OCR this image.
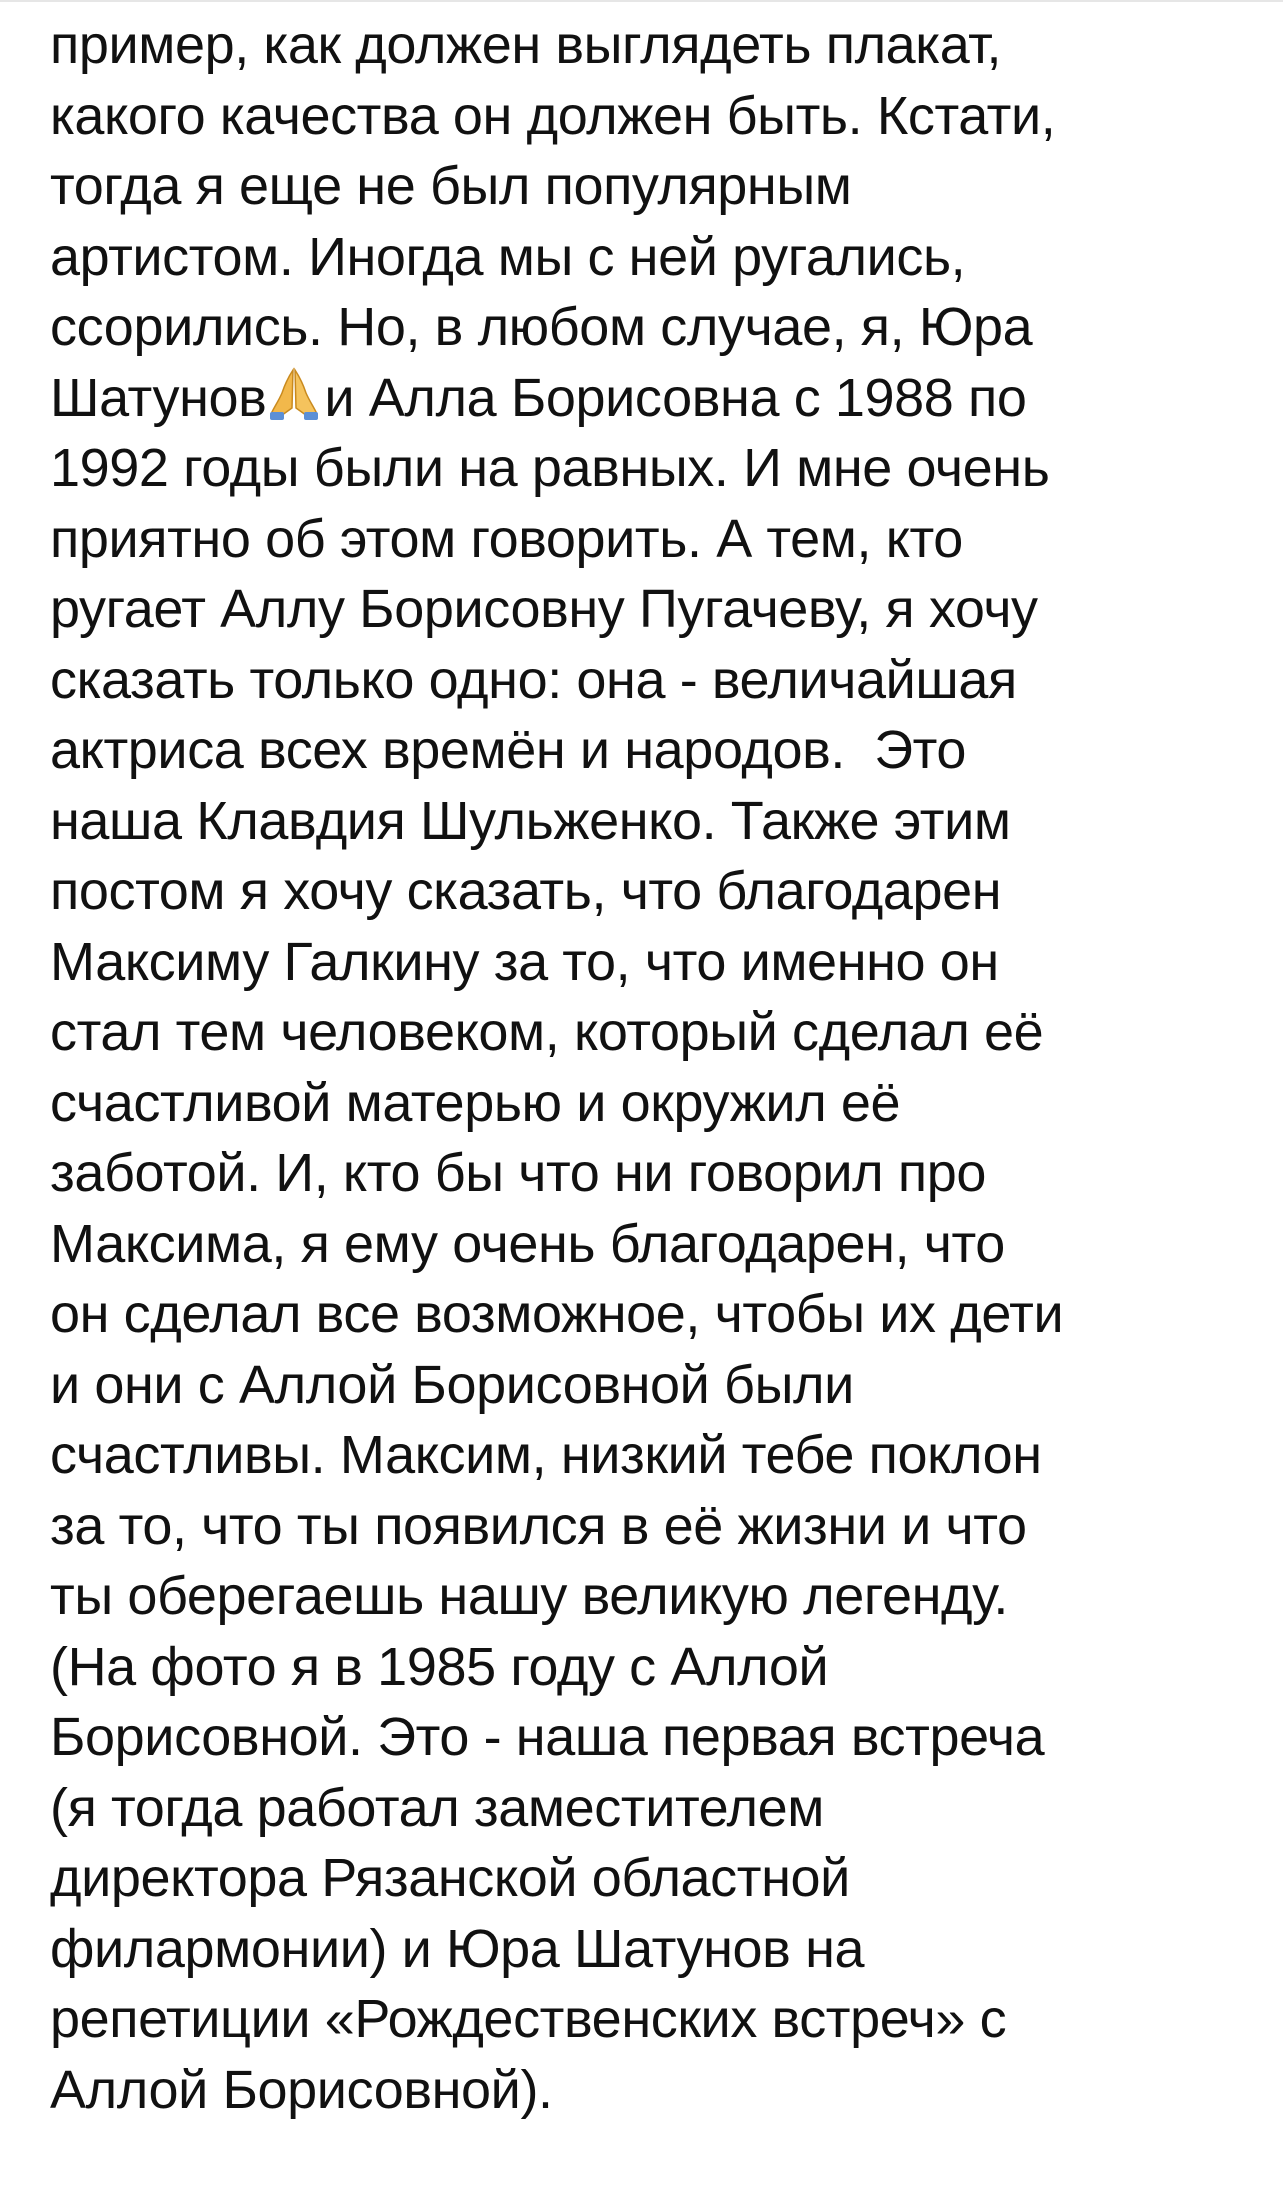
пример, как должен выглядеть плакат,
какого качества он должен быть. Кстати,
тогда я еще не был популярным
артистом. Иногда мы с ней ругались,
ссорились. Но, в любом случае, я, Юра
Шатунов и Алла Борисовна с 1988 по
1992 годы были на равных. И мне очень
приятно об этом говорить. А тем, кто
ругает Аллу Борисовну Пугачеву, я хочу
сказать только одно: она - величайшая
актриса всех времён и народов.  Это
наша Клавдия Шульженко. Также этим
постом я хочу сказать, что благодарен
Максиму Галкину за то, что именно он
стал тем человеком, который сделал её
счастливой матерью и окружил её
заботой. И, кто бы что ни говорил про
Максима, я ему очень благодарен, что
он сделал все возможное, чтобы их дети
и они с Аллой Борисовной были
счастливы. Максим, низкий тебе поклон
за то, что ты появился в её жизни и что
ты оберегаешь нашу великую легенду.
(На фото я в 1985 году с Аллой
Борисовной. Это - наша первая встреча
(я тогда работал заместителем
директора Рязанской областной
филармонии) и Юра Шатунов на
репетиции «Рождественских встреч» с
Аллой Борисовной).
